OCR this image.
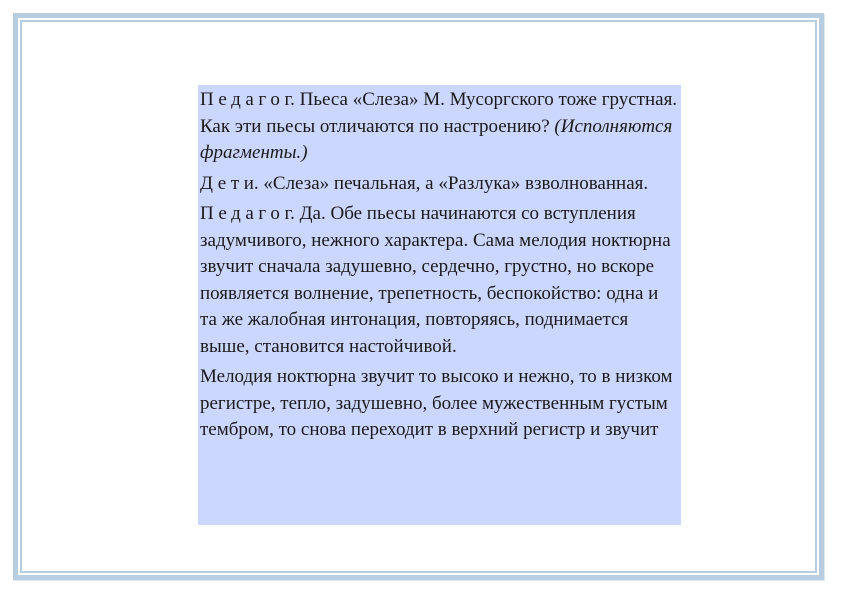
Педагог. Пьеса «Слеза» М. Мусоргского тоже грустная. Как эти пьесы отличаются по настроению? (Исполняются фрагменты.)

Дети. «Слеза» печальная, а «Разлука» взволнованная.

Педагог. Да. Обе пьесы начинаются со вступления задумчивого, нежного характера. Сама мелодия ноктюрна звучит сначала задушевно, сердечно, грустно, но вскоре появляется волнение, трепетность, беспокойство: одна и та же жалобная интонация, повторяясь, поднимается выше, становится настойчивой.

Мелодия ноктюрна звучит то высоко и нежно, то в низком регистре, тепло, задушевно, более мужественным густым тембром, то снова переходит в верхний регистр и звучит
